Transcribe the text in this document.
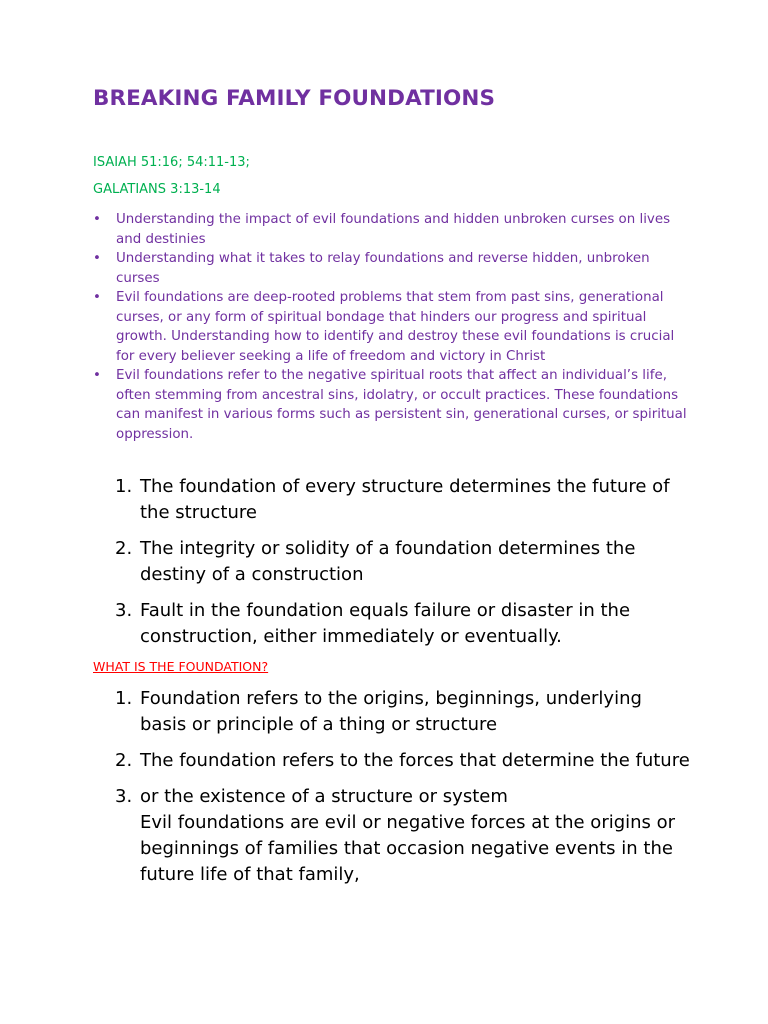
BREAKING FAMILY FOUNDATIONS
ISAIAH 51:16; 54:11-13;
GALATIANS 3:13-14
• Understanding the impact of evil foundations and hidden unbroken curses on lives and destinies
• Understanding what it takes to relay foundations and reverse hidden, unbroken curses
• Evil foundations are deep-rooted problems that stem from past sins, generational curses, or any form of spiritual bondage that hinders our progress and spiritual growth. Understanding how to identify and destroy these evil foundations is crucial for every believer seeking a life of freedom and victory in Christ
• Evil foundations refer to the negative spiritual roots that affect an individual’s life, often stemming from ancestral sins, idolatry, or occult practices. These foundations can manifest in various forms such as persistent sin, generational curses, or spiritual oppression.
1. The foundation of every structure determines the future of the structure
2. The integrity or solidity of a foundation determines the destiny of a construction
3. Fault in the foundation equals failure or disaster in the construction, either immediately or eventually.
WHAT IS THE FOUNDATION?
1. Foundation refers to the origins, beginnings, underlying basis or principle of a thing or structure
2. The foundation refers to the forces that determine the future
3. or the existence of a structure or system
Evil foundations are evil or negative forces at the origins or beginnings of families that occasion negative events in the future life of that family,
